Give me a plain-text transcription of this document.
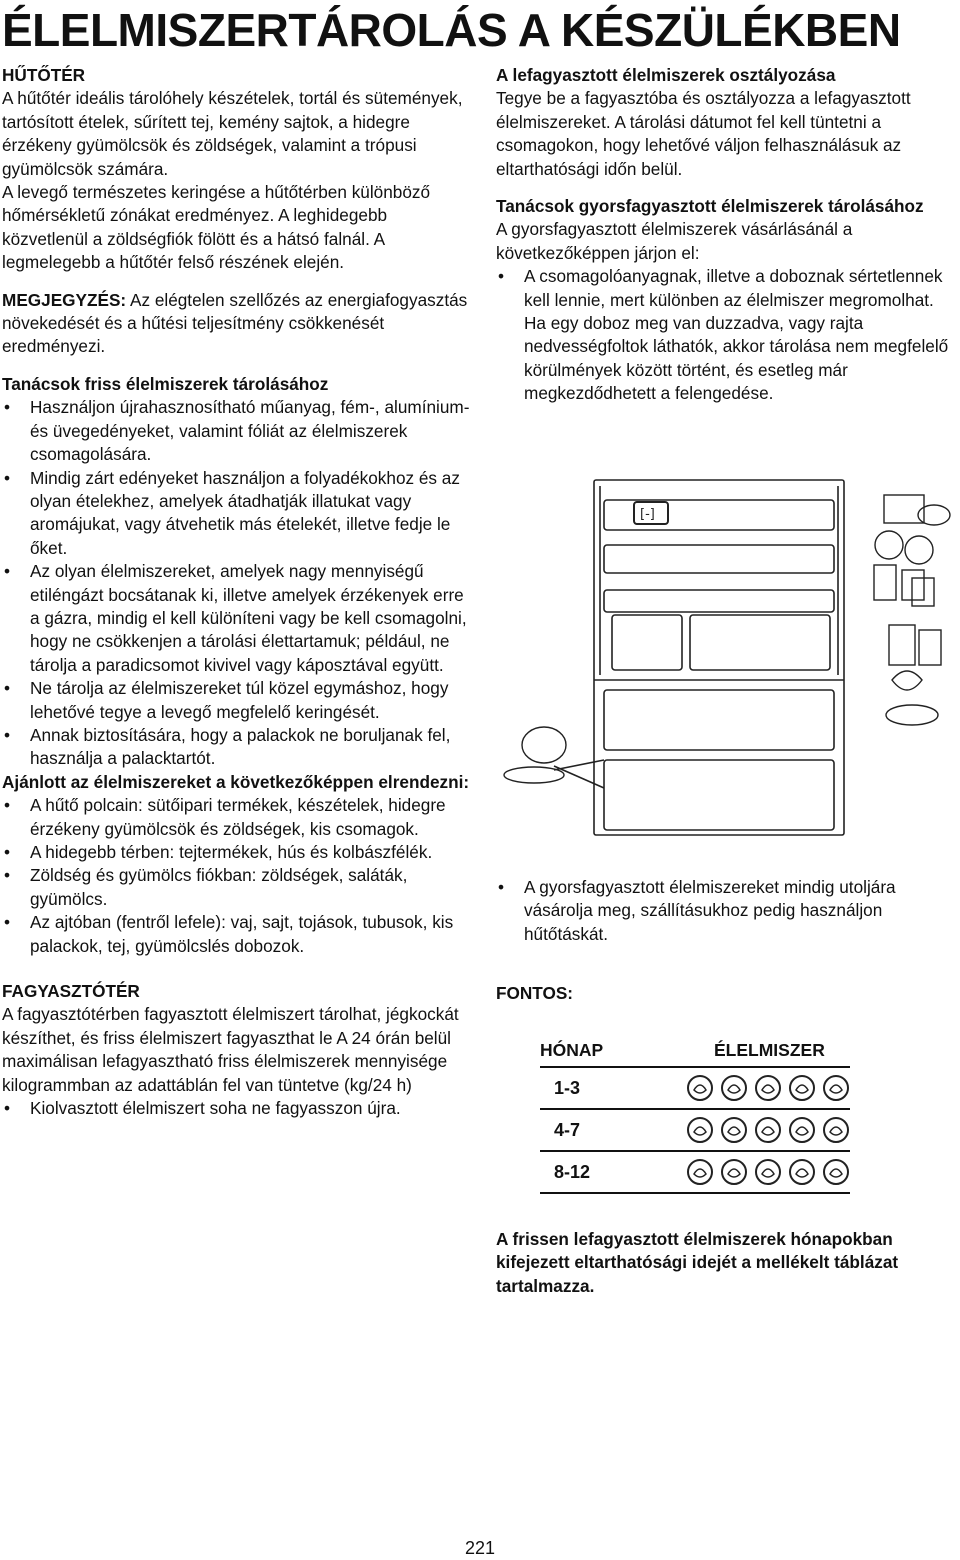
ÉLELMISZERTÁROLÁS A KÉSZÜLÉKBEN

HŰTŐTÉR

A hűtőtér ideális tárolóhely készételek, tortál és sütemények, tartósított ételek, sűrített tej, kemény sajtok, a hidegre érzékeny gyümölcsök és zöldségek, valamint a trópusi gyümölcsök számára.

A levegő természetes keringése a hűtőtérben különböző hőmérsékletű zónákat eredményez. A leghidegebb közvetlenül a zöldségfiók fölött és a hátsó falnál. A legmelegebb a hűtőtér felső részének elején.

MEGJEGYZÉS: Az elégtelen szellőzés az energiafogyasztás növekedését és a hűtési teljesítmény csökkenését eredményezi.

Tanácsok friss élelmiszerek tárolásához

• Használjon újrahasznosítható műanyag, fém-, alumínium- és üvegedényeket, valamint fóliát az élelmiszerek csomagolására.
• Mindig zárt edényeket használjon a folyadékokhoz és az olyan ételekhez, amelyek átadhatják illatukat vagy aromájukat, vagy átvehetik más ételekét, illetve fedje le őket.
• Az olyan élelmiszereket, amelyek nagy mennyiségű etiléngázt bocsátanak ki, illetve amelyek érzékenyek erre a gázra, mindig el kell különíteni vagy be kell csomagolni, hogy ne csökkenjen a tárolási élettartamuk; például, ne tárolja a paradicsomot kivivel vagy káposztával együtt.
• Ne tárolja az élelmiszereket túl közel egymáshoz, hogy lehetővé tegye a levegő megfelelő keringését.
• Annak biztosítására, hogy a palackok ne boruljanak fel, használja a palacktartót.

Ajánlott az élelmiszereket a következőképpen elrendezni:

• A hűtő polcain: sütőipari termékek, készételek, hidegre érzékeny gyümölcsök és zöldségek, kis csomagok.
• A hidegebb térben: tejtermékek, hús és kolbászfélék.
• Zöldség és gyümölcs fiókban: zöldségek, saláták, gyümölcs.
• Az ajtóban (fentről lefele): vaj, sajt, tojások, tubusok, kis palackok, tej, gyümölcslés dobozok.

FAGYASZTÓTÉR

A fagyasztótérben fagyasztott élelmiszert tárolhat, jégkockát készíthet, és friss élelmiszert fagyaszthat le A 24 órán belül maximálisan lefagyasztható friss élelmiszerek mennyisége kilogrammban az adattáblán fel van tüntetve (kg/24 h)

• Kiolvasztott élelmiszert soha ne fagyasszon újra.

A lefagyasztott élelmiszerek osztályozása

Tegye be a fagyasztóba és osztályozza a lefagyasztott élelmiszereket. A tárolási dátumot fel kell tüntetni a csomagokon, hogy lehetővé váljon felhasználásuk az eltarthatósági időn belül.

Tanácsok gyorsfagyasztott élelmiszerek tárolásához

A gyorsfagyasztott élelmiszerek vásárlásánál a következőképpen járjon el:

• A csomagolóanyagnak, illetve a doboznak sértetlennek kell lennie, mert különben az élelmiszer megromolhat. Ha egy doboz meg van duzzadva, vagy rajta nedvességfoltok láthatók, akkor tárolása nem megfelelő körülmények között történt, és esetleg már megkezdődhetett a felengedése.
[-]
• A gyorsfagyasztott élelmiszereket mindig utoljára vásárolja meg, szállításukhoz pedig használjon hűtőtáskát.

FONTOS:

HÓNAP	ÉLELMISZER
1-3
4-7
8-12
A frissen lefagyasztott élelmiszerek hónapokban kifejezett eltarthatósági idejét a mellékelt táblázat tartalmazza.
221
